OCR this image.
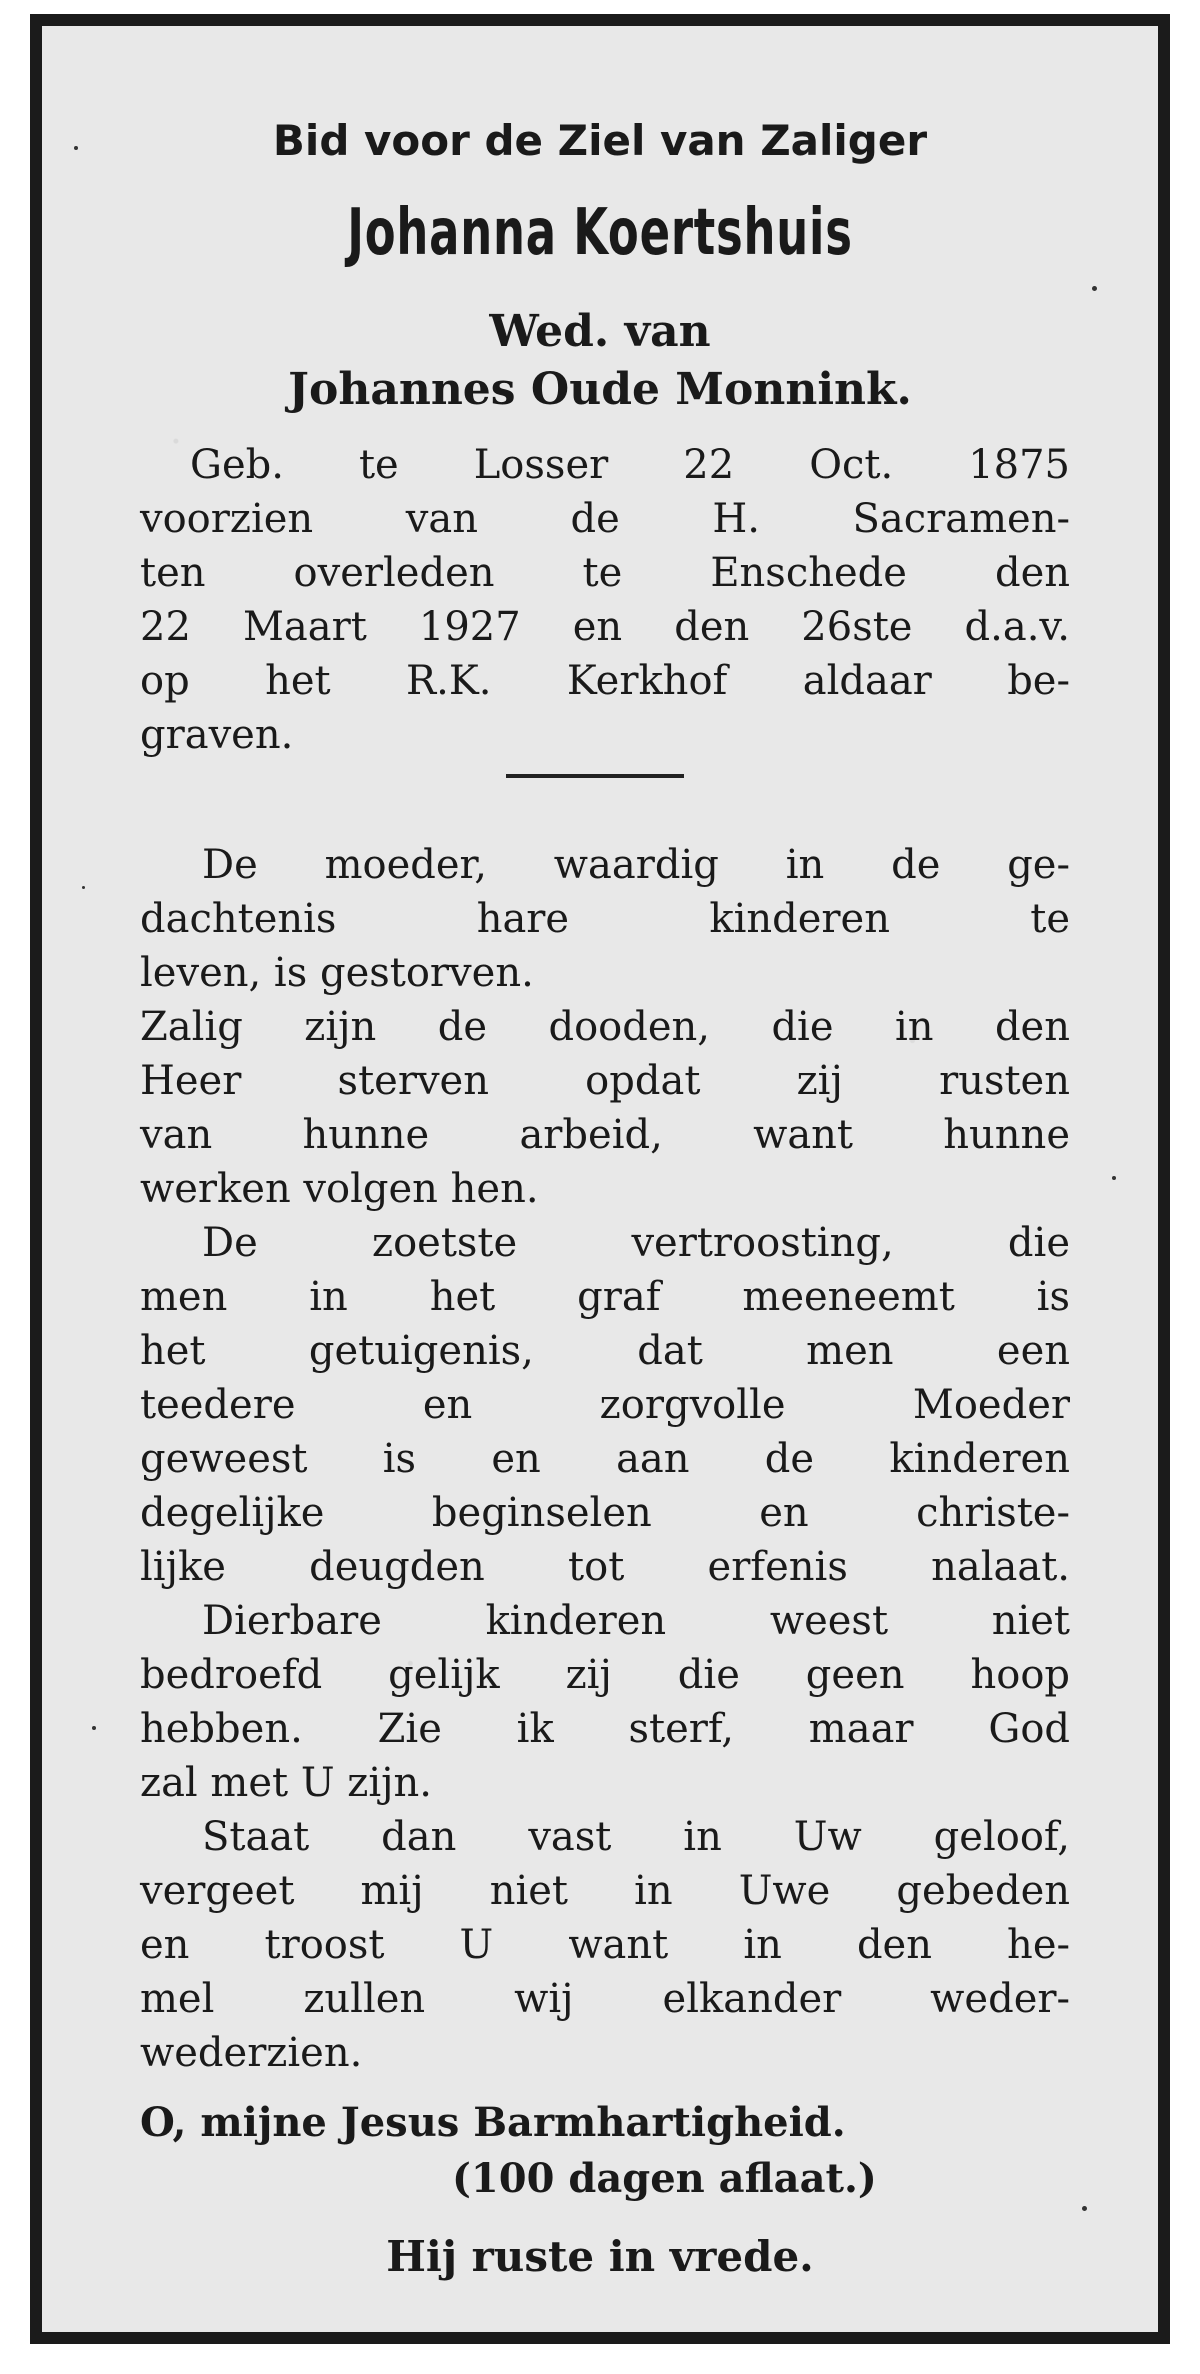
Bid voor de Ziel van Zaliger

Johanna Koertshuis

Wed. van

Johannes Oude Monnink.

Geb. te Losser 22 Oct. 1875

voorzien van de H. Sacramen-

ten overleden te Enschede den

22 Maart 1927 en den 26ste d.a.v.

op het R.K. Kerkhof aldaar be-

graven.

De moeder, waardig in de ge-

dachtenis hare kinderen te

leven, is gestorven.

Zalig zijn de dooden, die in den

Heer sterven opdat zij rusten

van hunne arbeid, want hunne

werken volgen hen.

De zoetste vertroosting, die

men in het graf meeneemt is

het getuigenis, dat men een

teedere en zorgvolle Moeder

geweest is en aan de kinderen

degelijke beginselen en christe-

lijke deugden tot erfenis nalaat.

Dierbare kinderen weest niet

bedroefd gelijk zij die geen hoop

hebben. Zie ik sterf, maar God

zal met U zijn.

Staat dan vast in Uw geloof,

vergeet mij niet in Uwe gebeden

en troost U want in den he-

mel zullen wij elkander weder-

wederzien.

O, mijne Jesus Barmhartigheid.

(100 dagen aflaat.)

Hij ruste in vrede.
